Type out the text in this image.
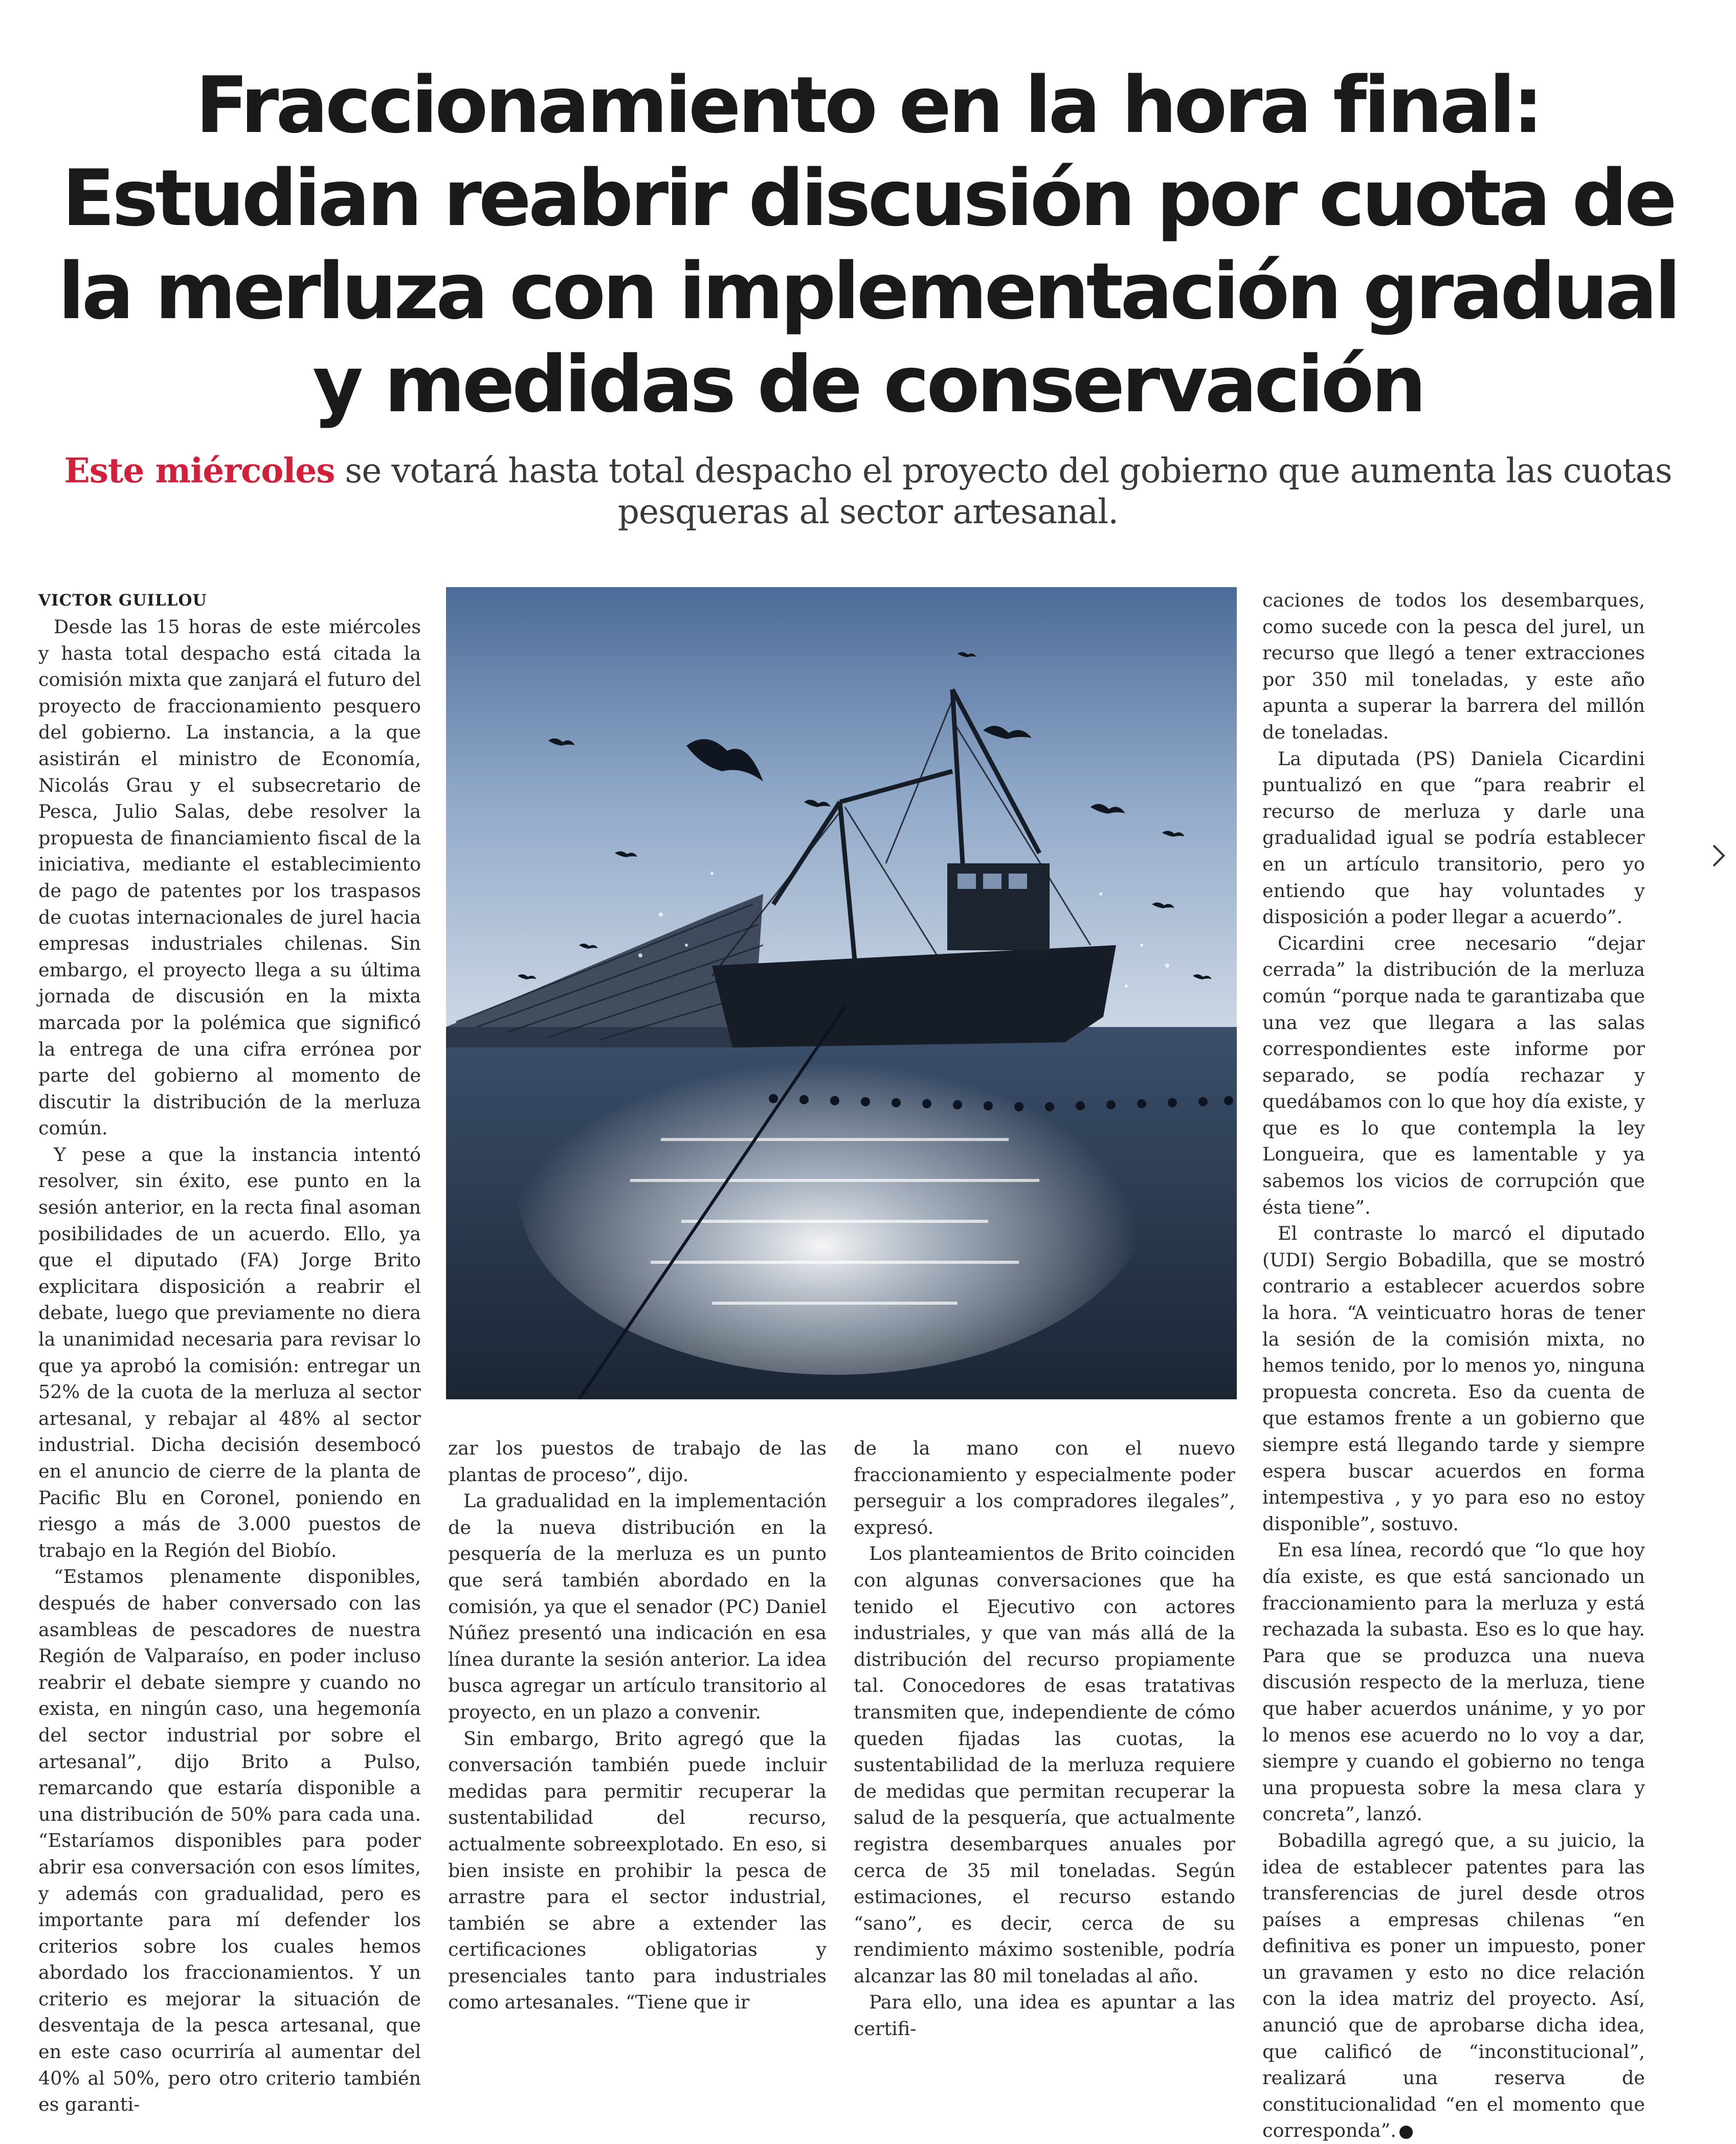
Fraccionamiento en la hora final: Estudian reabrir discusión por cuota de la merluza con implementación gradual y medidas de conservación

Este miércoles se votará hasta total despacho el proyecto del gobierno que aumenta las cuotas pesqueras al sector artesanal.

VICTOR GUILLOU

Desde las 15 horas de este miércoles y hasta total despacho está citada la comisión mixta que zanjará el futuro del proyecto de fraccionamiento pesquero del gobierno. La instancia, a la que asistirán el ministro de Economía, Nicolás Grau y el subsecretario de Pesca, Julio Salas, debe resolver la propuesta de financiamiento fiscal de la iniciativa, mediante el establecimiento de pago de patentes por los traspasos de cuotas internacionales de jurel hacia empresas industriales chilenas. Sin embargo, el proyecto llega a su última jornada de discusión en la mixta marcada por la polémica que significó la entrega de una cifra errónea por parte del gobierno al momento de discutir la distribución de la merluza común.

Y pese a que la instancia intentó resolver, sin éxito, ese punto en la sesión anterior, en la recta final asoman posibilidades de un acuerdo. Ello, ya que el diputado (FA) Jorge Brito explicitara disposición a reabrir el debate, luego que previamente no diera la unanimidad necesaria para revisar lo que ya aprobó la comisión: entregar un 52% de la cuota de la merluza al sector artesanal, y rebajar al 48% al sector industrial. Dicha decisión desembocó en el anuncio de cierre de la planta de Pacific Blu en Coronel, poniendo en riesgo a más de 3.000 puestos de trabajo en la Región del Biobío.

“Estamos plenamente disponibles, después de haber conversado con las asambleas de pescadores de nuestra Región de Valparaíso, en poder incluso reabrir el debate siempre y cuando no exista, en ningún caso, una hegemonía del sector industrial por sobre el artesanal”, dijo Brito a Pulso, remarcando que estaría disponible a una distribución de 50% para cada una. “Estaríamos disponibles para poder abrir esa conversación con esos límites, y además con gradualidad, pero es importante para mí defender los criterios sobre los cuales hemos abordado los fraccionamientos. Y un criterio es mejorar la situación de desventaja de la pesca artesanal, que en este caso ocurriría al aumentar del 40% al 50%, pero otro criterio también es garanti-

zar los puestos de trabajo de las plantas de proceso”, dijo.

La gradualidad en la implementación de la nueva distribución en la pesquería de la merluza es un punto que será también abordado en la comisión, ya que el senador (PC) Daniel Núñez presentó una indicación en esa línea durante la sesión anterior. La idea busca agregar un artículo transitorio al proyecto, en un plazo a convenir.

Sin embargo, Brito agregó que la conversación también puede incluir medidas para permitir recuperar la sustentabilidad del recurso, actualmente sobreexplotado. En eso, si bien insiste en prohibir la pesca de arrastre para el sector industrial, también se abre a extender las certificaciones obligatorias y presenciales tanto para industriales como artesanales. “Tiene que ir

de la mano con el nuevo fraccionamiento y especialmente poder perseguir a los compradores ilegales”, expresó.

Los planteamientos de Brito coinciden con algunas conversaciones que ha tenido el Ejecutivo con actores industriales, y que van más allá de la distribución del recurso propiamente tal. Conocedores de esas tratativas transmiten que, independiente de cómo queden fijadas las cuotas, la sustentabilidad de la merluza requiere de medidas que permitan recuperar la salud de la pesquería, que actualmente registra desembarques anuales por cerca de 35 mil toneladas. Según estimaciones, el recurso estando “sano”, es decir, cerca de su rendimiento máximo sostenible, podría alcanzar las 80 mil toneladas al año.

Para ello, una idea es apuntar a las certifi-

caciones de todos los desembarques, como sucede con la pesca del jurel, un recurso que llegó a tener extracciones por 350 mil toneladas, y este año apunta a superar la barrera del millón de toneladas.

La diputada (PS) Daniela Cicardini puntualizó en que “para reabrir el recurso de merluza y darle una gradualidad igual se podría establecer en un artículo transitorio, pero yo entiendo que hay voluntades y disposición a poder llegar a acuerdo”.

Cicardini cree necesario “dejar cerrada” la distribución de la merluza común “porque nada te garantizaba que una vez que llegara a las salas correspondientes este informe por separado, se podía rechazar y quedábamos con lo que hoy día existe, y que es lo que contempla la ley Longueira, que es lamentable y ya sabemos los vicios de corrupción que ésta tiene”.

El contraste lo marcó el diputado (UDI) Sergio Bobadilla, que se mostró contrario a establecer acuerdos sobre la hora. “A veinticuatro horas de tener la sesión de la comisión mixta, no hemos tenido, por lo menos yo, ninguna propuesta concreta. Eso da cuenta de que estamos frente a un gobierno que siempre está llegando tarde y siempre espera buscar acuerdos en forma intempestiva , y yo para eso no estoy disponible”, sostuvo.

En esa línea, recordó que “lo que hoy día existe, es que está sancionado un fraccionamiento para la merluza y está rechazada la subasta. Eso es lo que hay. Para que se produzca una nueva discusión respecto de la merluza, tiene que haber acuerdos unánime, y yo por lo menos ese acuerdo no lo voy a dar, siempre y cuando el gobierno no tenga una propuesta sobre la mesa clara y concreta”, lanzó.

Bobadilla agregó que, a su juicio, la idea de establecer patentes para las transferencias de jurel desde otros países a empresas chilenas “en definitiva es poner un impuesto, poner un gravamen y esto no dice relación con la idea matriz del proyecto. Así, anunció que de aprobarse dicha idea, que calificó de “inconstitucional”, realizará una reserva de constitucionalidad “en el momento que corresponda”.
